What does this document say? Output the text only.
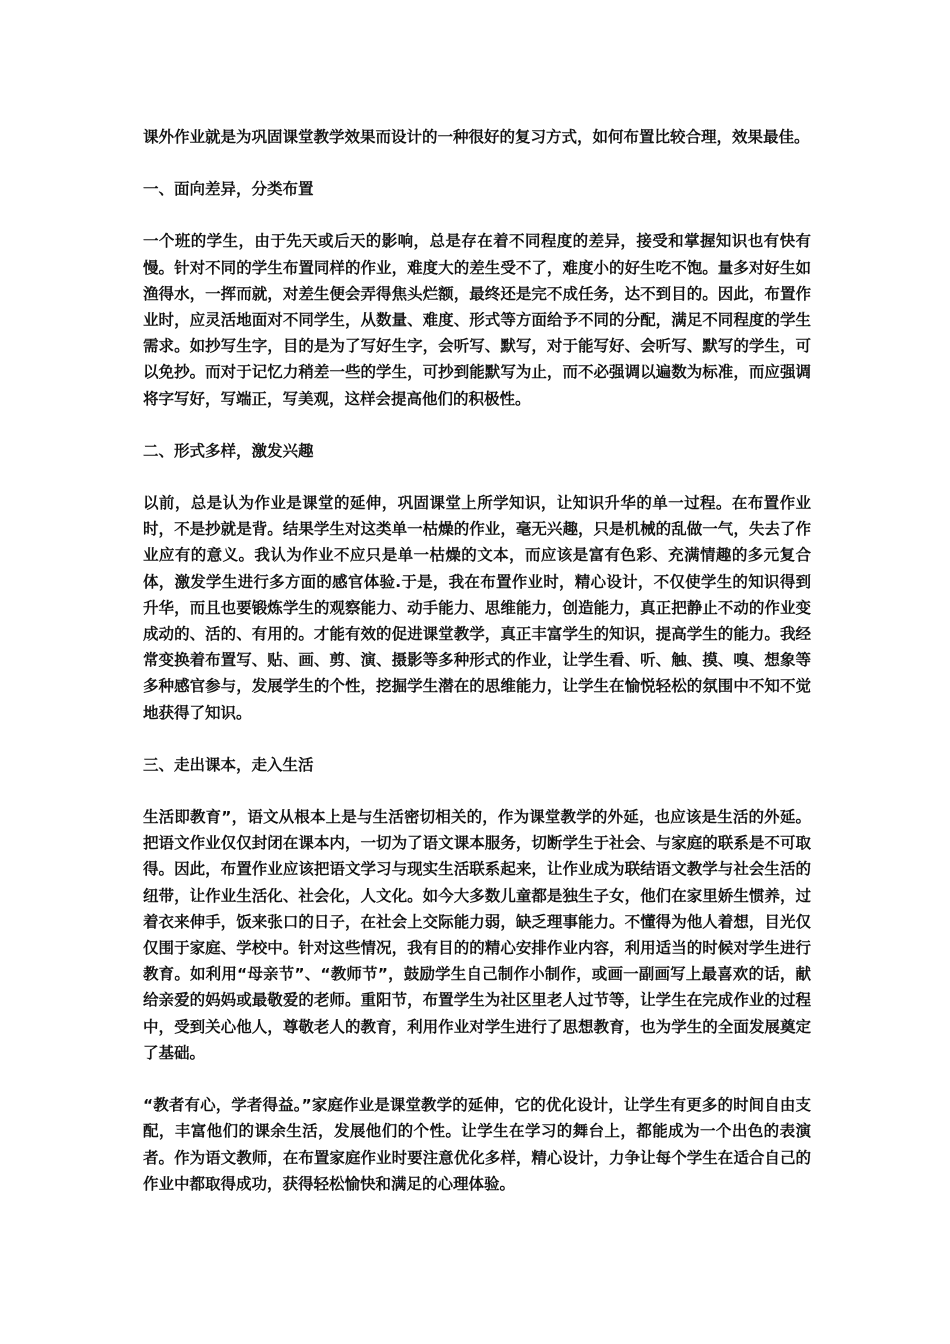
课外作业就是为巩固课堂教学效果而设计的一种很好的复习方式，如何布置比较合理，效果最佳。

一、面向差异，分类布置

一个班的学生，由于先天或后天的影响，总是存在着不同程度的差异，接受和掌握知识也有快有慢。针对不同的学生布置同样的作业，难度大的差生受不了，难度小的好生吃不饱。量多对好生如渔得水，一挥而就，对差生便会弄得焦头烂额，最终还是完不成任务，达不到目的。因此，布置作业时，应灵活地面对不同学生，从数量、难度、形式等方面给予不同的分配，满足不同程度的学生需求。如抄写生字，目的是为了写好生字，会听写、默写，对于能写好、会听写、默写的学生，可以免抄。而对于记忆力稍差一些的学生，可抄到能默写为止，而不必强调以遍数为标准，而应强调将字写好，写端正，写美观，这样会提高他们的积极性。

二、形式多样，激发兴趣

以前，总是认为作业是课堂的延伸，巩固课堂上所学知识，让知识升华的单一过程。在布置作业时，不是抄就是背。结果学生对这类单一枯燥的作业，毫无兴趣，只是机械的乱做一气，失去了作业应有的意义。我认为作业不应只是单一枯燥的文本，而应该是富有色彩、充满情趣的多元复合体，激发学生进行多方面的感官体验.于是，我在布置作业时，精心设计，不仅使学生的知识得到升华，而且也要锻炼学生的观察能力、动手能力、思维能力，创造能力，真正把静止不动的作业变成动的、活的、有用的。才能有效的促进课堂教学，真正丰富学生的知识，提高学生的能力。我经常变换着布置写、贴、画、剪、演、摄影等多种形式的作业，让学生看、听、触、摸、嗅、想象等多种感官参与，发展学生的个性，挖掘学生潜在的思维能力，让学生在愉悦轻松的氛围中不知不觉地获得了知识。

三、走出课本，走入生活

生活即教育”，语文从根本上是与生活密切相关的，作为课堂教学的外延，也应该是生活的外延。把语文作业仅仅封闭在课本内，一切为了语文课本服务，切断学生于社会、与家庭的联系是不可取得。因此，布置作业应该把语文学习与现实生活联系起来，让作业成为联结语文教学与社会生活的纽带，让作业生活化、社会化，人文化。如今大多数儿童都是独生子女，他们在家里娇生惯养，过着衣来伸手，饭来张口的日子，在社会上交际能力弱，缺乏理事能力。不懂得为他人着想，目光仅仅围于家庭、学校中。针对这些情况，我有目的的精心安排作业内容，利用适当的时候对学生进行教育。如利用“母亲节”、“教师节”，鼓励学生自己制作小制作，或画一副画写上最喜欢的话，献给亲爱的妈妈或最敬爱的老师。重阳节，布置学生为社区里老人过节等，让学生在完成作业的过程中，受到关心他人，尊敬老人的教育，利用作业对学生进行了思想教育，也为学生的全面发展奠定了基础。

“教者有心，学者得益。”家庭作业是课堂教学的延伸，它的优化设计，让学生有更多的时间自由支配，丰富他们的课余生活，发展他们的个性。让学生在学习的舞台上，都能成为一个出色的表演者。作为语文教师，在布置家庭作业时要注意优化多样，精心设计，力争让每个学生在适合自己的作业中都取得成功，获得轻松愉快和满足的心理体验。
